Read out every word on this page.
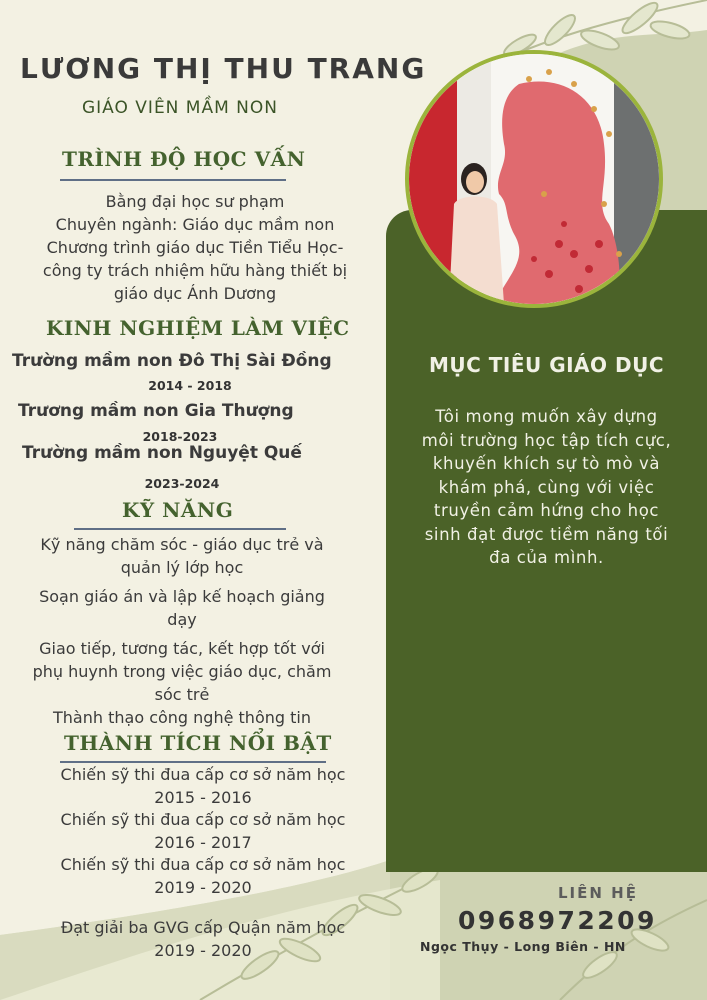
LƯƠNG THỊ THU TRANG
GIÁO VIÊN MẦM NON
TRÌNH ĐỘ HỌC VẤN
Bằng đại học sư phạm
Chuyên ngành: Giáo dục mầm non
Chương trình giáo dục Tiền Tiểu Học-
công ty trách nhiệm hữu hàng thiết bị
giáo dục Ánh Dương
KINH NGHIỆM LÀM VIỆC
Trường mầm non Đô Thị Sài Đồng
2014 - 2018
Trương mầm non Gia Thượng
2018-2023
Trường mầm non Nguyệt Quế
2023-2024
KỸ NĂNG
Kỹ năng chăm sóc - giáo dục trẻ và
quản lý lớp học
Soạn giáo án và lập kế hoạch giảng
dạy
Giao tiếp, tương tác, kết hợp tốt với
phụ huynh trong việc giáo dục, chăm
sóc trẻ
Thành thạo công nghệ thông tin
THÀNH TÍCH NỔI BẬT
Chiến sỹ thi đua cấp cơ sở năm học
2015 - 2016
Chiến sỹ thi đua cấp cơ sở năm học
2016 - 2017
Chiến sỹ thi đua cấp cơ sở năm học
2019 - 2020
Đạt giải ba GVG cấp Quận năm học
2019 - 2020
MỤC TIÊU GIÁO DỤC
Tôi mong muốn xây dựng
môi trường học tập tích cực,
khuyến khích sự tò mò và
khám phá, cùng với việc
truyền cảm hứng cho học
sinh đạt được tiềm năng tối
đa của mình.
LIÊN HỆ
0968972209
Ngọc Thụy - Long Biên - HN
